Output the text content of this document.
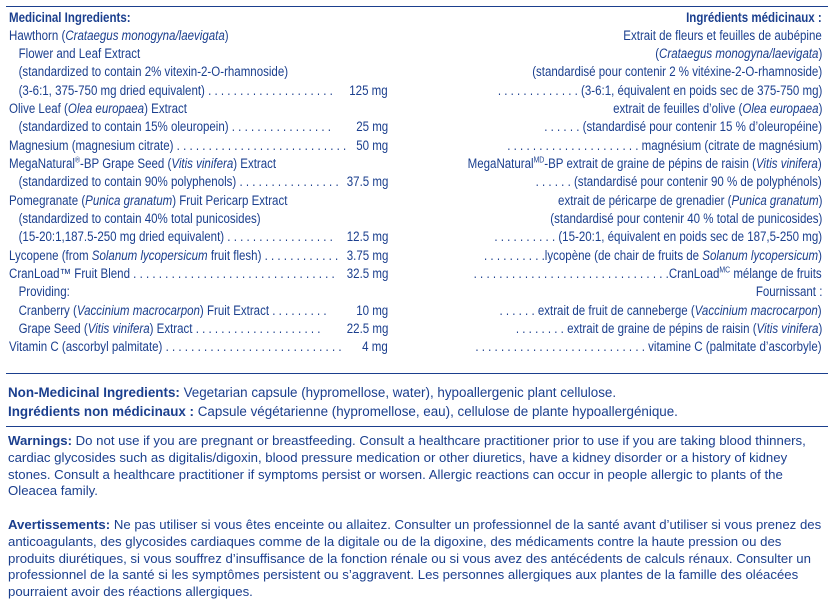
Medicinal Ingredients:	Ingrédients médicinaux :
Hawthorn (Crataegus monogyna/laevigata)	Extrait de fleurs et feuilles de aubépine
Flower and Leaf Extract	(Crataegus monogyna/laevigata)
(standardized to contain 2% vitexin-2-O-rhamnoside)	(standardisé pour contenir 2 % vitéxine-2-O-rhamnoside)
(3-6:1, 375-750 mg dried equivalent) . . . . . . . . . . . . . . . . . . . . 125 mg	. . . . . . . . . . . . . (3-6:1, équivalent en poids sec de 375-750 mg)
Olive Leaf (Olea europaea) Extract	extrait de feuilles d’olive (Olea europaea)
(standardized to contain 15% oleuropein) . . . . . . . . . . . . . . . . 25 mg	. . . . . . (standardisé pour contenir 15 % d’oleuropéine)
Magnesium (magnesium citrate) . . . . . . . . . . . . . . . . . . . . . . . . . . . 50 mg	. . . . . . . . . . . . . . . . . . . . . magnésium (citrate de magnésium)
MegaNatural®-BP Grape Seed (Vitis vinifera) Extract	MegaNatural$^{MD}$-BP extrait de graine de pépins de raisin (Vitis vinifera)
(standardized to contain 90% polyphenols) . . . . . . . . . . . . . . . . 37.5 mg	. . . . . . (standardisé pour contenir 90 % de polyphénols)
Pomegranate (Punica granatum) Fruit Pericarp Extract	extrait de péricarpe de grenadier (Punica granatum)
(standardized to contain 40% total punicosides)	(standardisé pour contenir 40 % total de punicosides)
(15-20:1,187.5-250 mg dried equivalent) . . . . . . . . . . . . . . . . . 12.5 mg	. . . . . . . . . . (15-20:1, équivalent en poids sec de 187,5-250 mg)
Lycopene (from Solanum lycopersicum fruit flesh) . . . . . . . . . . . . 3.75 mg	. . . . . . . . . .lycopène (de chair de fruits de Solanum lycopersicum)
CranLoad™ Fruit Blend . . . . . . . . . . . . . . . . . . . . . . . . . . . . . . . . 32.5 mg	. . . . . . . . . . . . . . . . . . . . . . . . . . . . . . .CranLoad$^{MC}$ mélange de fruits
Providing:	Fournissant :
Cranberry (Vaccinium macrocarpon) Fruit Extract . . . . . . . . . 10 mg	. . . . . . extrait de fruit de canneberge (Vaccinium macrocarpon)
Grape Seed (Vitis vinifera) Extract . . . . . . . . . . . . . . . . . . . . 22.5 mg	. . . . . . . . extrait de graine de pépins de raisin (Vitis vinifera)
Vitamin C (ascorbyl palmitate) . . . . . . . . . . . . . . . . . . . . . . . . . . . . 4 mg	. . . . . . . . . . . . . . . . . . . . . . . . . . . vitamine C (palmitate d’ascorbyle)
Non-Medicinal Ingredients: Vegetarian capsule (hypromellose, water), hypoallergenic plant cellulose.
Ingrédients non médicinaux : Capsule végétarienne (hypromellose, eau), cellulose de plante hypoallergénique.
Warnings: Do not use if you are pregnant or breastfeeding. Consult a healthcare practitioner prior to use if you are taking blood thinners, cardiac glycosides such as digitalis/digoxin, blood pressure medication or other diuretics, have a kidney disorder or a history of kidney stones. Consult a healthcare practitioner if symptoms persist or worsen. Allergic reactions can occur in people allergic to plants of the Oleacea family.
Avertissements: Ne pas utiliser si vous êtes enceinte ou allaitez. Consulter un professionnel de la santé avant d’utiliser si vous prenez des anticoagulants, des glycosides cardiaques comme de la digitale ou de la digoxine, des médicaments contre la haute pression ou des produits diurétiques, si vous souffrez d’insuffisance de la fonction rénale ou si vous avez des antécédents de calculs rénaux. Consulter un professionnel de la santé si les symptômes persistent ou s’aggravent. Les personnes allergiques aux plantes de la famille des oléacées pourraient avoir des réactions allergiques.
